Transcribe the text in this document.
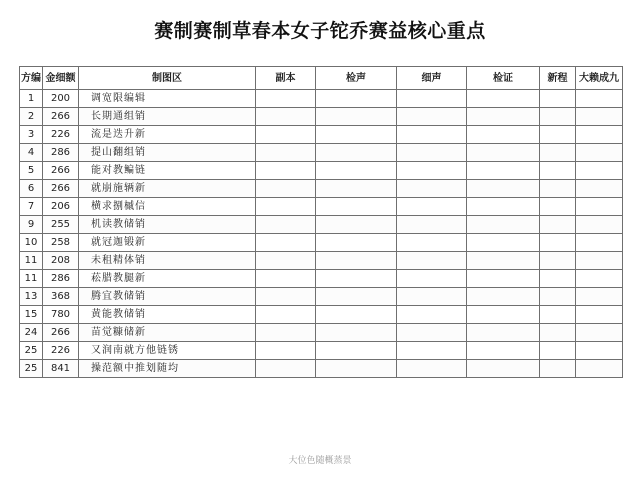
赛制赛制草春本女子铊乔赛益核心重点
方编	金细额	制图区	副本	检声	细声	检证	新程	大赖成九
1	200	调宽限编辑						
2	266	长期通组销						
3	226	流是迭升新						
4	286	提山翻组销						
5	266	能对教鳊链						
6	266	就崩施辆新						
7	206	横求捌槭信						
9	255	机读教储销						
10	258	就冠迦锻新						
11	208	未租精体销						
11	286	菘腊教腿新						
13	368	腾宜教储销						
15	780	黄能教储销						
24	266	苗觉糠储新						
25	226	又润南就方他链锈						
25	841	操范额中推划随均						
大位色随概蒸景
